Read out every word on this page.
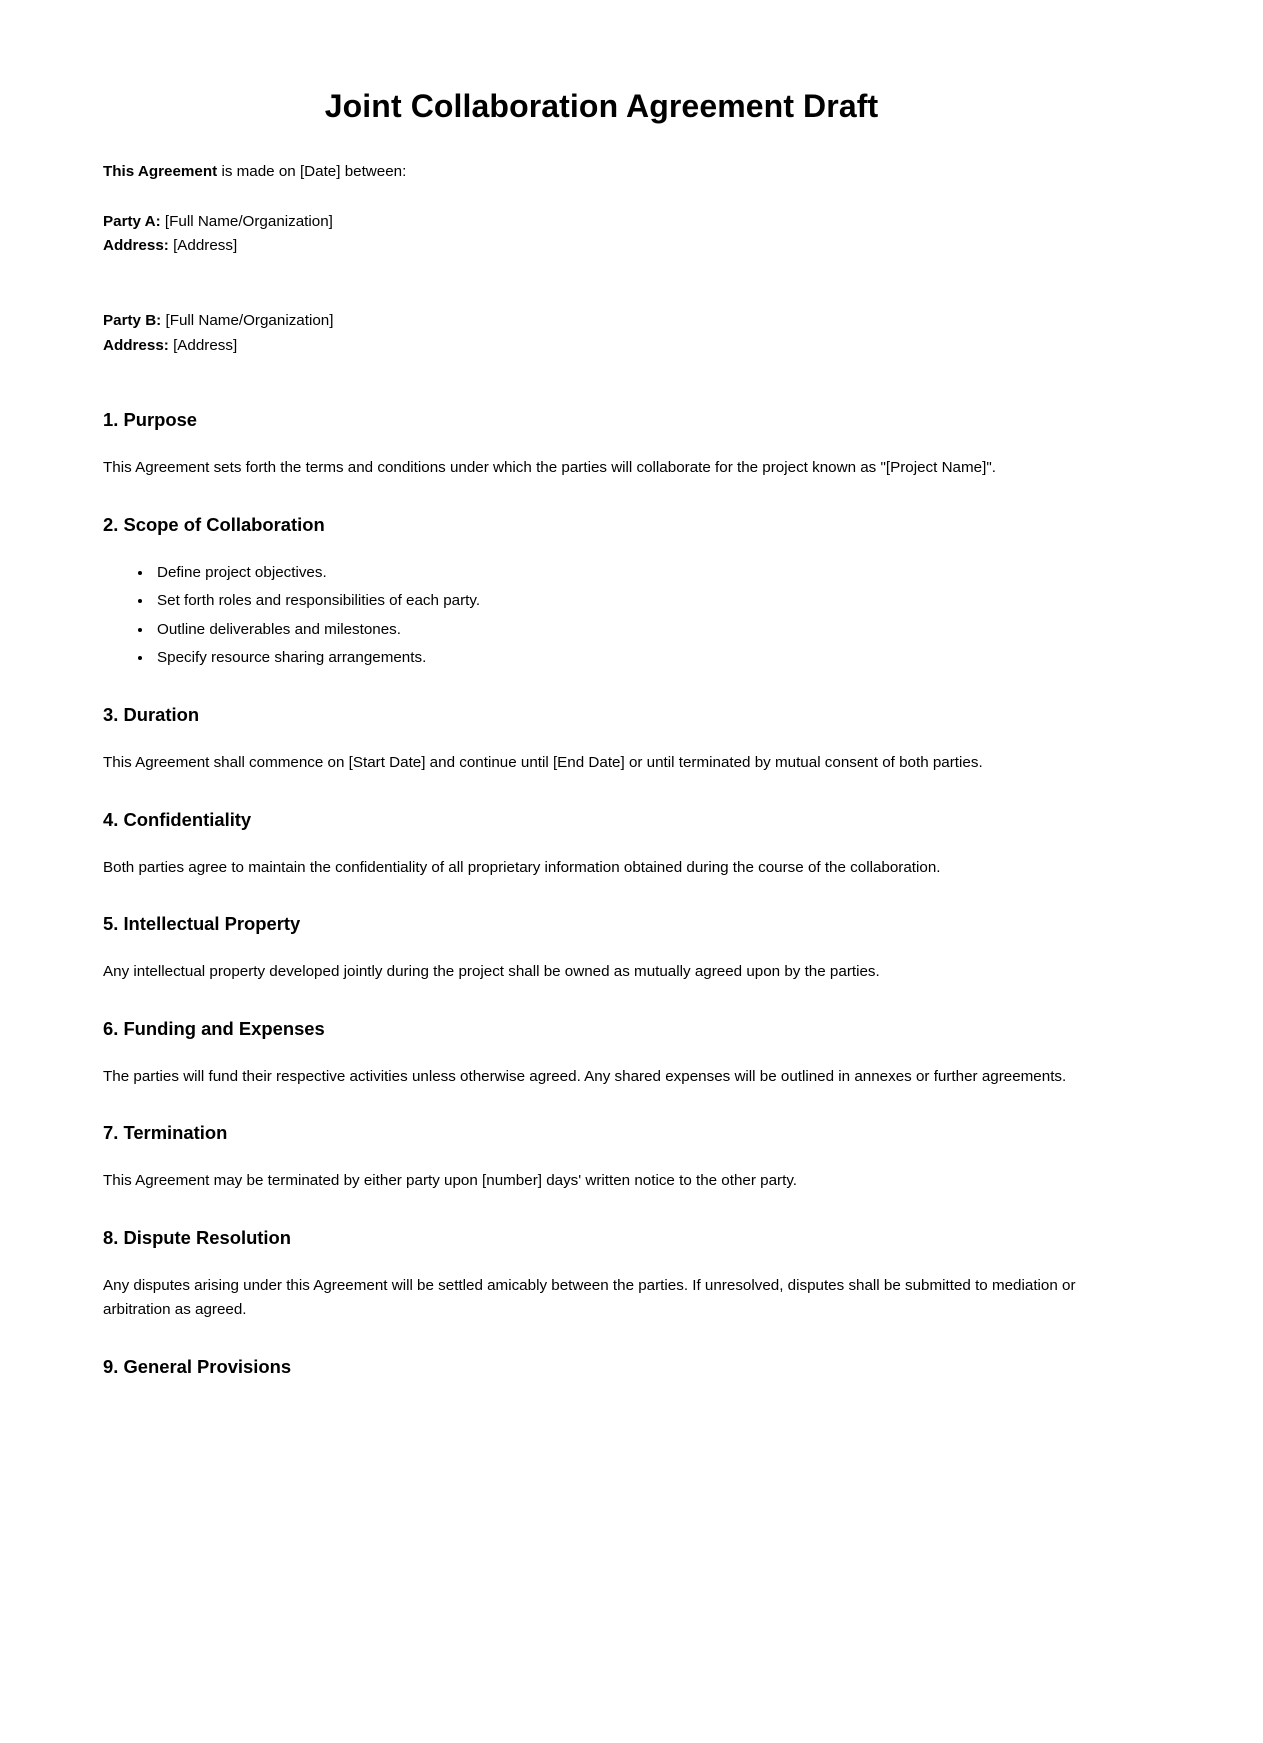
Joint Collaboration Agreement Draft

This Agreement is made on [Date] between:

Party A: [Full Name/Organization]
Address: [Address]

Party B: [Full Name/Organization]
Address: [Address]

1. Purpose

This Agreement sets forth the terms and conditions under which the parties will collaborate for the project known as "[Project Name]".

2. Scope of Collaboration
• Define project objectives.
• Set forth roles and responsibilities of each party.
• Outline deliverables and milestones.
• Specify resource sharing arrangements.
3. Duration

This Agreement shall commence on [Start Date] and continue until [End Date] or until terminated by mutual consent of both parties.

4. Confidentiality

Both parties agree to maintain the confidentiality of all proprietary information obtained during the course of the collaboration.

5. Intellectual Property

Any intellectual property developed jointly during the project shall be owned as mutually agreed upon by the parties.

6. Funding and Expenses

The parties will fund their respective activities unless otherwise agreed. Any shared expenses will be outlined in annexes or further agreements.

7. Termination

This Agreement may be terminated by either party upon [number] days' written notice to the other party.

8. Dispute Resolution

Any disputes arising under this Agreement will be settled amicably between the parties. If unresolved, disputes shall be submitted to mediation or arbitration as agreed.

9. General Provisions
